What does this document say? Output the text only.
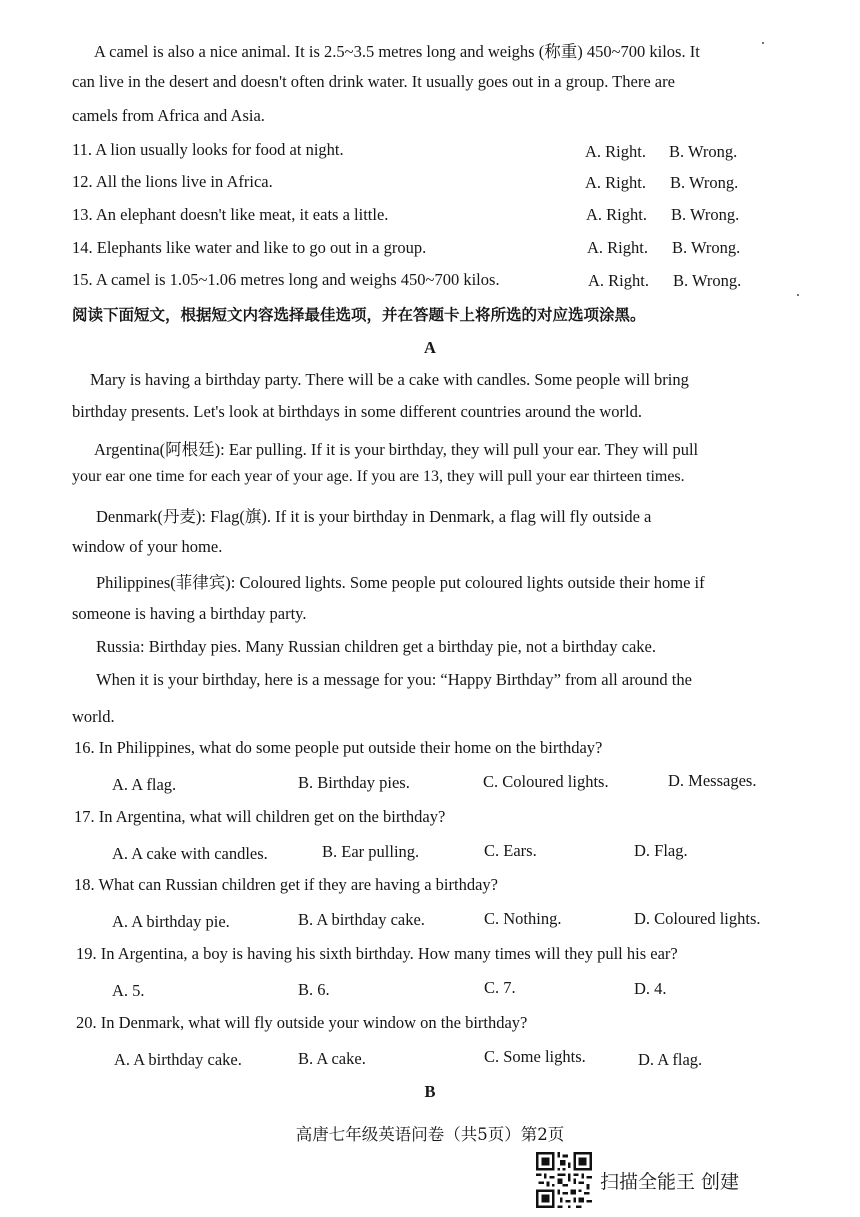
A camel is also a nice animal. It is 2.5~3.5 metres long and weighs (称重) 450~700 kilos. It
can live in the desert and doesn't often drink water. It usually goes out in a group. There are
camels from Africa and Asia.
11. A lion usually looks for food at night.	A. Right. B. Wrong.
12. All the lions live in Africa.	A. Right. B. Wrong.
13. An elephant doesn't like meat, it eats a little.	A. Right. B. Wrong.
14. Elephants like water and like to go out in a group.	A. Right. B. Wrong.
15. A camel is 1.05~1.06 metres long and weighs 450~700 kilos.	A. Right. B. Wrong.
阅读下面短文，根据短文内容选择最佳选项，并在答题卡上将所选的对应选项涂黑。
A
Mary is having a birthday party. There will be a cake with candles. Some people will bring
birthday presents. Let's look at birthdays in some different countries around the world.
Argentina(阿根廷): Ear pulling. If it is your birthday, they will pull your ear. They will pull
your ear one time for each year of your age. If you are 13, they will pull your ear thirteen times.
Denmark(丹麦): Flag(旗). If it is your birthday in Denmark, a flag will fly outside a
window of your home.
Philippines(菲律宾): Coloured lights. Some people put coloured lights outside their home if
someone is having a birthday party.
Russia: Birthday pies. Many Russian children get a birthday pie, not a birthday cake.
When it is your birthday, here is a message for you: “Happy Birthday” from all around the
world.
16. In Philippines, what do some people put outside their home on the birthday?
A. A flag.	B. Birthday pies.	C. Coloured lights.	D. Messages.
17. In Argentina, what will children get on the birthday?
A. A cake with candles.	B. Ear pulling.	C. Ears.	D. Flag.
18. What can Russian children get if they are having a birthday?
A. A birthday pie.	B. A birthday cake.	C. Nothing.	D. Coloured lights.
19. In Argentina, a boy is having his sixth birthday. How many times will they pull his ear?
A. 5.	B. 6.	C. 7.	D. 4.
20. In Denmark, what will fly outside your window on the birthday?
A. A birthday cake.	B. A cake.	C. Some lights.	D. A flag.
B
高唐七年级英语问卷（共5页）第2页
扫描全能王 创建
